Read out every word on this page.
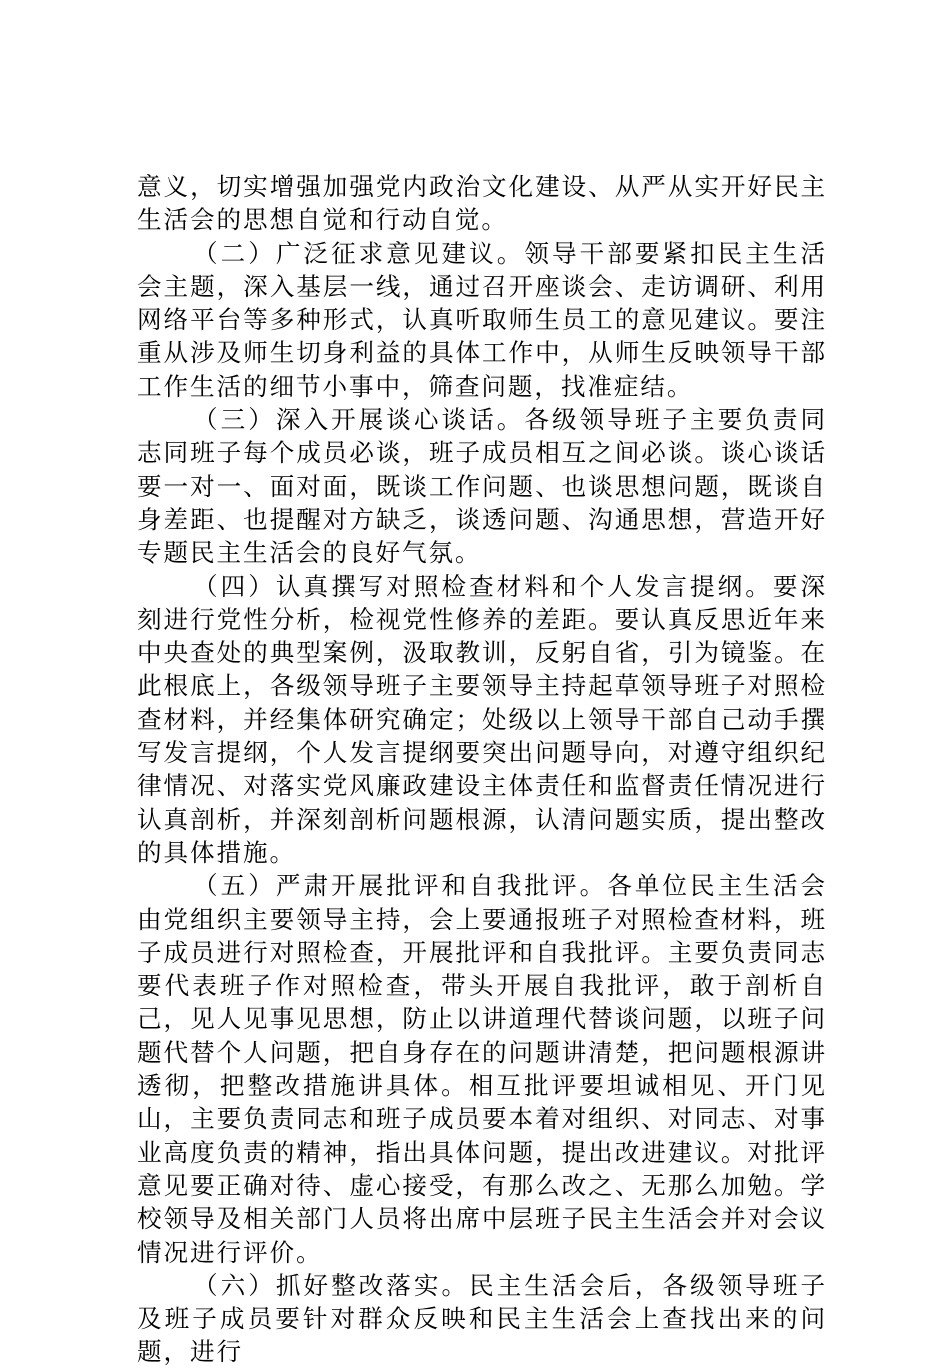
意义，切实增强加强党内政治文化建设、从严从实开好民主生活会的思想自觉和行动自觉。

（二）广泛征求意见建议。领导干部要紧扣民主生活会主题，深入基层一线，通过召开座谈会、走访调研、利用网络平台等多种形式，认真听取师生员工的意见建议。要注重从涉及师生切身利益的具体工作中，从师生反映领导干部工作生活的细节小事中，筛查问题，找准症结。

（三）深入开展谈心谈话。各级领导班子主要负责同志同班子每个成员必谈，班子成员相互之间必谈。谈心谈话要一对一、面对面，既谈工作问题、也谈思想问题，既谈自身差距、也提醒对方缺乏，谈透问题、沟通思想，营造开好专题民主生活会的良好气氛。

（四）认真撰写对照检查材料和个人发言提纲。要深刻进行党性分析，检视党性修养的差距。要认真反思近年来中央查处的典型案例，汲取教训，反躬自省，引为镜鉴。在此根底上，各级领导班子主要领导主持起草领导班子对照检查材料，并经集体研究确定；处级以上领导干部自己动手撰写发言提纲，个人发言提纲要突出问题导向，对遵守组织纪律情况、对落实党风廉政建设主体责任和监督责任情况进行认真剖析，并深刻剖析问题根源，认清问题实质，提出整改的具体措施。

（五）严肃开展批评和自我批评。各单位民主生活会由党组织主要领导主持，会上要通报班子对照检查材料，班子成员进行对照检查，开展批评和自我批评。主要负责同志要代表班子作对照检查，带头开展自我批评，敢于剖析自己，见人见事见思想，防止以讲道理代替谈问题，以班子问题代替个人问题，把自身存在的问题讲清楚，把问题根源讲透彻，把整改措施讲具体。相互批评要坦诚相见、开门见山，主要负责同志和班子成员要本着对组织、对同志、对事业高度负责的精神，指出具体问题，提出改进建议。对批评意见要正确对待、虚心接受，有那么改之、无那么加勉。学校领导及相关部门人员将出席中层班子民主生活会并对会议情况进行评价。

（六）抓好整改落实。民主生活会后，各级领导班子及班子成员要针对群众反映和民主生活会上查找出来的问题，进行
